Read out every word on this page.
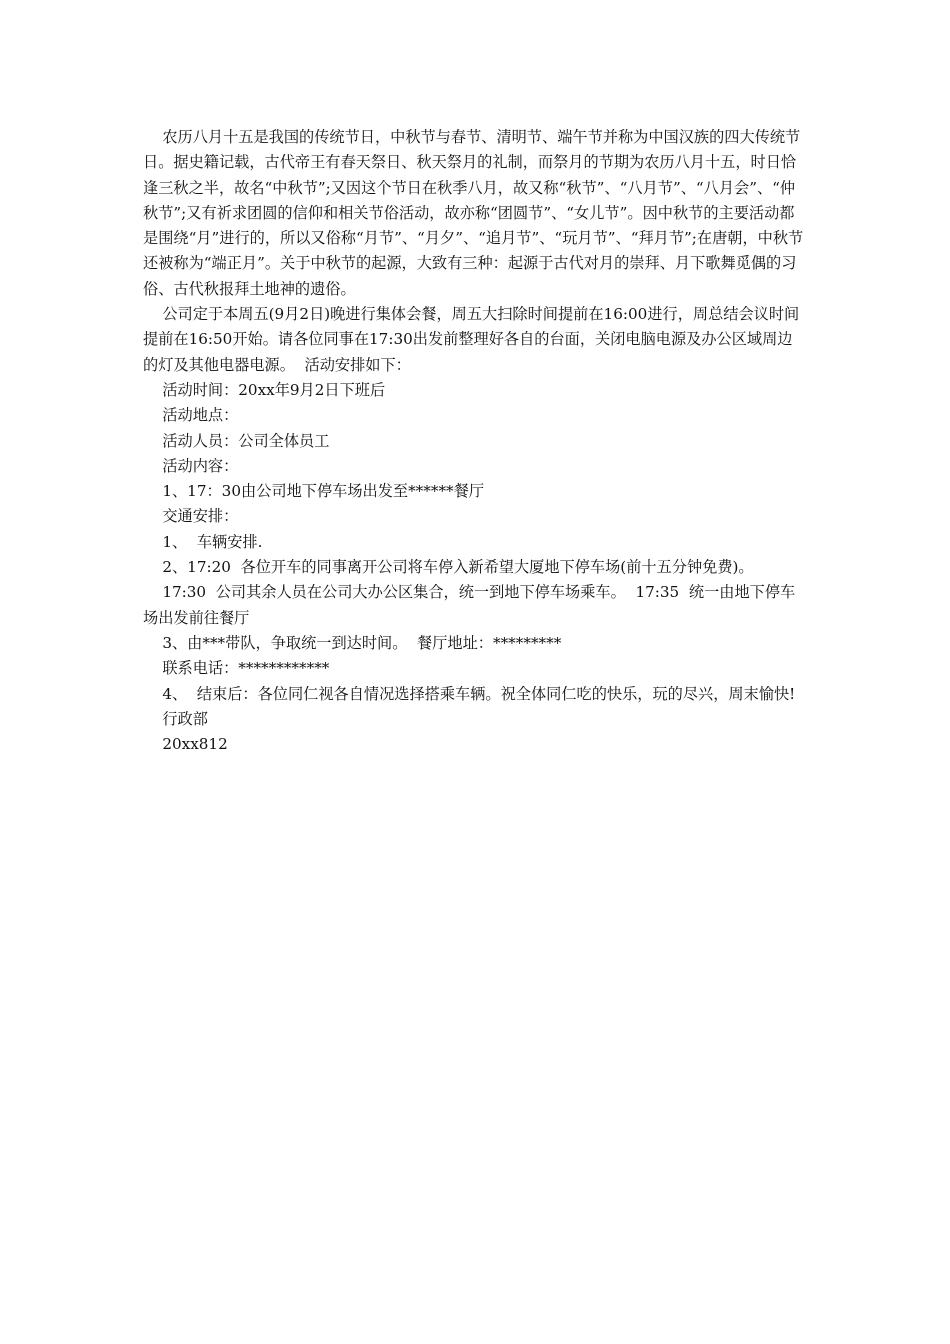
农历八月十五是我国的传统节日，中秋节与春节、清明节、端午节并称为中国汉族的四大传统节日。据史籍记载，古代帝王有春天祭日、秋天祭月的礼制，而祭月的节期为农历八月十五，时日恰逢三秋之半，故名“中秋节”;又因这个节日在秋季八月，故又称“秋节”、“八月节”、“八月会”、“仲秋节”;又有祈求团圆的信仰和相关节俗活动，故亦称“团圆节”、“女儿节”。因中秋节的主要活动都是围绕“月”进行的，所以又俗称“月节”、“月夕”、“追月节”、“玩月节”、“拜月节”;在唐朝，中秋节还被称为“端正月”。关于中秋节的起源，大致有三种：起源于古代对月的崇拜、月下歌舞觅偶的习俗、古代秋报拜土地神的遗俗。

公司定于本周五(9月2日)晚进行集体会餐，周五大扫除时间提前在16:00进行，周总结会议时间提前在16:50开始。请各位同事在17:30出发前整理好各自的台面，关闭电脑电源及办公区域周边的灯及其他电器电源。  活动安排如下：

活动时间：20xx年9月2日下班后

活动地点：

活动人员：公司全体员工

活动内容：

1、17：30由公司地下停车场出发至******餐厅

交通安排：

1、  车辆安排.

2、17:20  各位开车的同事离开公司将车停入新希望大厦地下停车场(前十五分钟免费)。

17:30  公司其余人员在公司大办公区集合，统一到地下停车场乘车。  17:35  统一由地下停车场出发前往餐厅

3、由***带队，争取统一到达时间。  餐厅地址：*********

联系电话：************

4、  结束后：各位同仁视各自情况选择搭乘车辆。祝全体同仁吃的快乐，玩的尽兴，周末愉快!

行政部

20xx812
